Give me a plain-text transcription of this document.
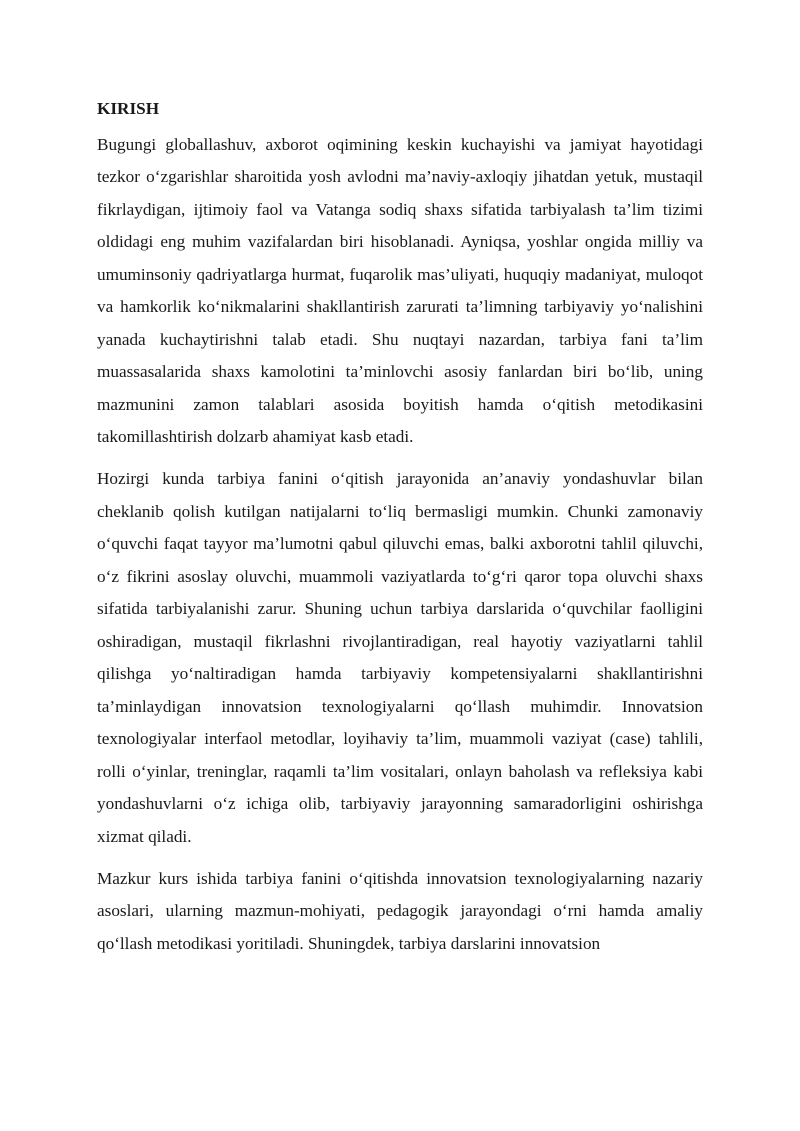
KIRISH

Bugungi globallashuv, axborot oqimining keskin kuchayishi va jamiyat hayotidagi tezkor o‘zgarishlar sharoitida yosh avlodni ma’naviy-axloqiy jihatdan yetuk, mustaqil fikrlaydigan, ijtimoiy faol va Vatanga sodiq shaxs sifatida tarbiyalash ta’lim tizimi oldidagi eng muhim vazifalardan biri hisoblanadi. Ayniqsa, yoshlar ongida milliy va umuminsoniy qadriyatlarga hurmat, fuqarolik mas’uliyati, huquqiy madaniyat, muloqot va hamkorlik ko‘nikmalarini shakllantirish zarurati ta’limning tarbiyaviy yo‘nalishini yanada kuchaytirishni talab etadi. Shu nuqtayi nazardan, tarbiya fani ta’lim muassasalarida shaxs kamolotini ta’minlovchi asosiy fanlardan biri bo‘lib, uning mazmunini zamon talablari asosida boyitish hamda o‘qitish metodikasini takomillashtirish dolzarb ahamiyat kasb etadi.

Hozirgi kunda tarbiya fanini o‘qitish jarayonida an’anaviy yondashuvlar bilan cheklanib qolish kutilgan natijalarni to‘liq bermasligi mumkin. Chunki zamonaviy o‘quvchi faqat tayyor ma’lumotni qabul qiluvchi emas, balki axborotni tahlil qiluvchi, o‘z fikrini asoslay oluvchi, muammoli vaziyatlarda to‘g‘ri qaror topa oluvchi shaxs sifatida tarbiyalanishi zarur. Shuning uchun tarbiya darslarida o‘quvchilar faolligini oshiradigan, mustaqil fikrlashni rivojlantiradigan, real hayotiy vaziyatlarni tahlil qilishga yo‘naltiradigan hamda tarbiyaviy kompetensiyalarni shakllantirishni ta’minlaydigan innovatsion texnologiyalarni qo‘llash muhimdir. Innovatsion texnologiyalar interfaol metodlar, loyihaviy ta’lim, muammoli vaziyat (case) tahlili, rolli o‘yinlar, treninglar, raqamli ta’lim vositalari, onlayn baholash va refleksiya kabi yondashuvlarni o‘z ichiga olib, tarbiyaviy jarayonning samaradorligini oshirishga xizmat qiladi.

Mazkur kurs ishida tarbiya fanini o‘qitishda innovatsion texnologiyalarning nazariy asoslari, ularning mazmun-mohiyati, pedagogik jarayondagi o‘rni hamda amaliy qo‘llash metodikasi yoritiladi. Shuningdek, tarbiya darslarini innovatsion
